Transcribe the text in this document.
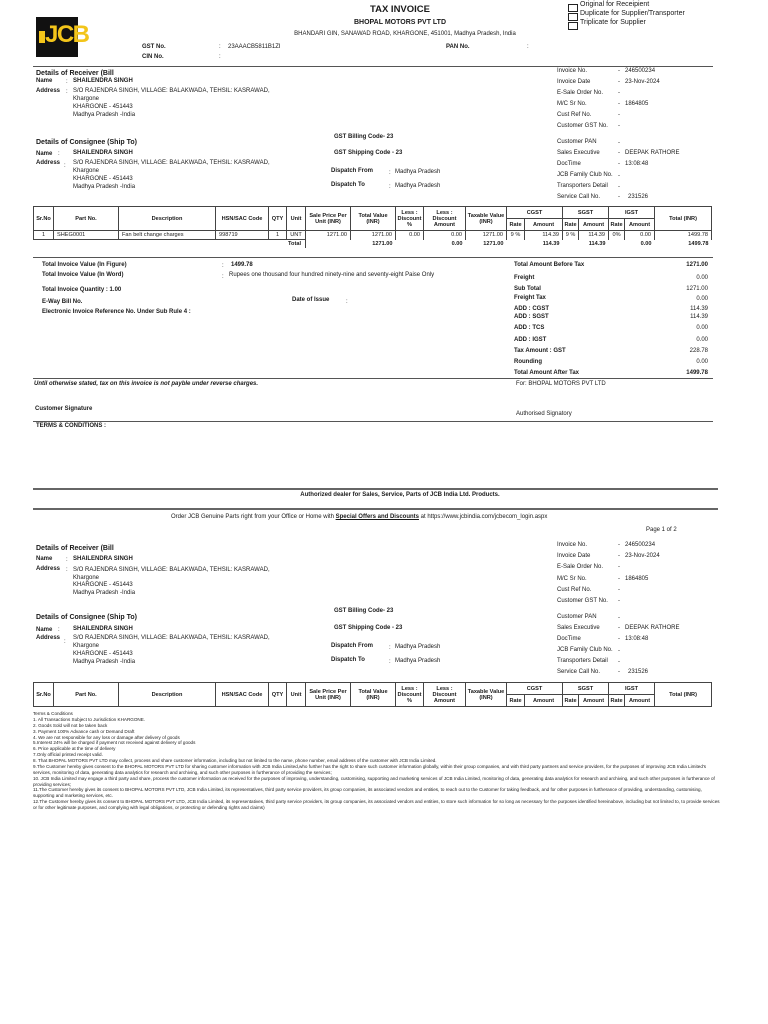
JCB
TAX INVOICE
BHOPAL MOTORS PVT LTD
BHANDARI GIN, SANAWAD ROAD, KHARGONE, 451001, Madhya Pradesh, India
Original for Receipient
Duplicate for Supplier/Transporter
Triplicate for Supplier
GST No.	: 23AAACB5811B1ZI
CIN No.	:
PAN No.	:
Details of Receiver (Bill
Name : SHAILENDRA SINGH
Address : S/O RAJENDRA SINGH, VILLAGE: BALAKWADA, TEHSIL: KASRAWAD,
Khargone
KHARGONE - 451443
Madhya Pradesh -India
Details of Consignee (Ship To)
Name : SHAILENDRA SINGH
Address : S/O RAJENDRA SINGH, VILLAGE: BALAKWADA, TEHSIL: KASRAWAD,
Khargone
KHARGONE - 451443
Madhya Pradesh -India
GST Billing Code- 23
GST Shipping Code - 23
Dispatch From	: Madhya Pradesh
Dispatch To	: Madhya Pradesh
Invoice No.	- 246500234
Invoice Date	- 23-Nov-2024
E-Sale Order No. -
M/C Sr No.	- 1864805
Cust Ref No.	-
Customer GST No. -
Customer PAN	-
Sales Executive	- DEEPAK RATHORE
DocTime	- 13:08:48
JCB Family Club No. -
Transporters Detail -
Service Call No.	- 231526
Sr.No	Part No.	Description	HSN/SAC Code	QTY	Unit	Sale Price Per Unit (INR)	Total Value (INR)	Less : Discount %	Less : Discount Amount	Taxable Value (INR)	CGST		SGST		IGST		Total (INR)
											Rate	Amount	Rate	Amount	Rate	Amount	
1	SHEG0001	Fan belt change charges	998719	1	UNT	1271.00	1271.00	0.00	0.00	1271.00	9 %	114.39	9 %	114.39	0%	0.00	1499.78
Total							1271.00		0.00	1271.00		114.39		114.39		0.00	1499.78
Total Invoice Value (In Figure)	: 1499.78
Total Invoice Value (In Word)	: Rupees one thousand four hundred ninety-nine and seventy-eight Paise Only
Total Invoice Quantity : 1.00
E-Way Bill No.	Date of Issue	:
Electronic Invoice Reference No. Under Sub Rule 4 :
Total Amount Before Tax	1271.00
Freight	0.00
Sub Total	1271.00
Freight Tax	0.00
ADD : CGST	114.39
ADD : SGST	114.39
ADD : TCS	0.00
ADD : IGST	0.00
Tax Amount : GST	228.78
Rounding	0.00
Total Amount After Tax	1499.78
Until otherwise stated, tax on this invoice is not payble under reverse charges.	For: BHOPAL MOTORS PVT LTD
Customer Signature
Authorised Signatory
TERMS & CONDITIONS :
Authorized dealer for Sales, Service, Parts of JCB India Ltd. Products.
Order JCB Genuine Parts right from your Office or Home with Special Offers and Discounts at https://www.jcbindia.com/jcbecom_login.aspx
Page 1 of 2
Details of Receiver (Bill
Name : SHAILENDRA SINGH
Address : S/O RAJENDRA SINGH, VILLAGE: BALAKWADA, TEHSIL: KASRAWAD,
Khargone
KHARGONE - 451443
Madhya Pradesh -India
Details of Consignee (Ship To)
Name : SHAILENDRA SINGH
Address
:
S/O RAJENDRA SINGH, VILLAGE: BALAKWADA, TEHSIL: KASRAWAD,
Khargone
KHARGONE - 451443
Madhya Pradesh -India
GST Billing Code- 23
GST Shipping Code - 23
Dispatch From	: Madhya Pradesh
Dispatch To	: Madhya Pradesh
Invoice No.	- 246500234
Invoice Date	- 23-Nov-2024
E-Sale Order No. -
M/C Sr No.	- 1864805
Cust Ref No.	-
Customer GST No. -
Customer PAN	-
Sales Executive	- DEEPAK RATHORE
DocTime	- 13:08:48
JCB Family Club No. -
Transporters Detail -
Service Call No.	- 231526
Sr.No	Part No.	Description	HSN/SAC Code	QTY	Unit	Sale Price Per Unit (INR)	Total Value (INR)	Less : Discount %	Less : Discount Amount	Taxable Value (INR)	CGST		SGST		IGST		Total (INR)
											Rate	Amount	Rate	Amount	Rate	Amount	
Terms & Conditions
1. All Transactions Subject to Jurisdiction KHARGONE.
2. Goods Sold will not be taken back
3. Payment 100% Advance cash or Demand Draft
4. We are not responsible for any loss or damage after delivery of goods
5.Interest 24% will be charged if payment not received against delivery of goods
6. Price applicable at the time of delivery
7.Only official printed receipt valid.
8. That BHOPAL MOTORS PVT LTD may collect, process and share customer information, including but not limited to the name, phone number, email address of the customer with JCB India Limited.
9.The Customer hereby gives consent to the BHOPAL MOTORS PVT LTD for sharing customer information with JCB India Limited,who further has the right to share such customer information globally, within their group companies, and with third party partners and service providers, for the purposes of improving JCB India Limited's services, monitoring of data, generating data analytics for research and archiving, and such other purposes in furtherance of providing the services;
10. JCB India Limited may engage a third party and share, process the customer information as received for the purposes of improving, understanding, customising, supporting and marketing services of JCB India Limited, monitoring of data, generating data analytics for research and archiving, and such other purposes in furtherance of providing services;
11.The Customer hereby gives its consent to BHOPAL MOTORS PVT LTD, JCB India Limited, its representatives, third party service providers, its group companies, its associated vendors and entities, to reach out to the Customer for taking feedback, and for other purposes in furtherance of providing, understanding, customising, supporting and marketing services, etc.
12.The Customer hereby gives its consent to BHOPAL MOTORS PVT LTD, JCB India Limited, its representatives, third party service providers, its group companies, its associated vendors and entities, to store such information for so long as necessary for the purposes identified hereinabove, including but not limited to, to provide services or for other legitimate purposes, and complying with legal obligations, or protecting or defending rights and claims)
